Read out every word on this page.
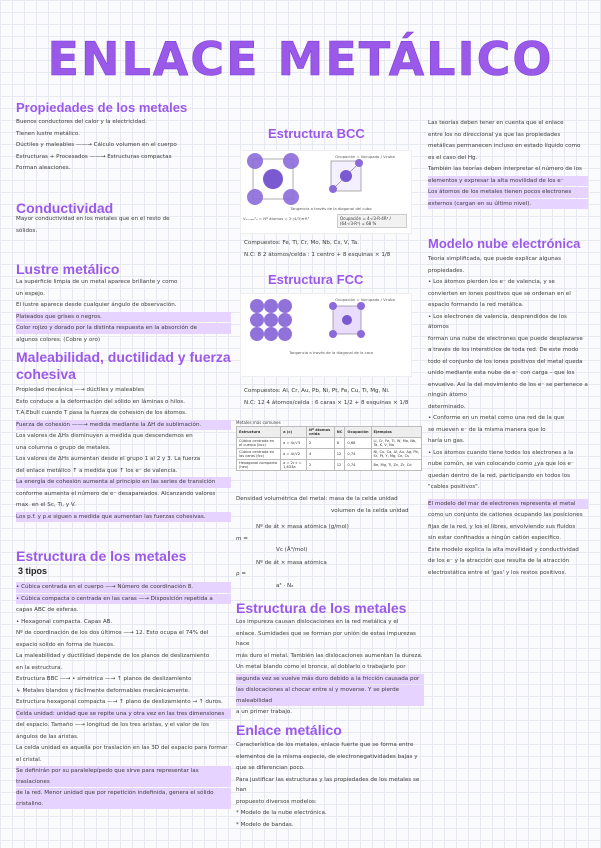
ENLACE METÁLICO
Propiedades de los metales

Buenos conductores del calor y la electricidad.

Tienen lustre metálico.

Dúctiles y maleables ——→ Cálculo volumen en el cuerpo

Estructuras + Procesados ——→ Estructuras compactas

Forman aleaciones.

Conductividad

Mayor conductividad en los metales que en el resto de

sólidos.

Lustre metálico

La superficie limpia de un metal aparece brillante y como

un espejo.

El lustre aparece desde cualquier ángulo de observación.

Plateados que grises o negros.

Color rojizo y dorado por la distinta respuesta en la absorción de

algunos colores. (Cobre y oro)

Maleabilidad, ductilidad y fuerza cohesiva

Propiedad mecánica —→ dúctiles y maleables

Esto conduce a la deformación del sólido en láminas o hilos.

T.A.Ebull cuando T pasa la fuerza de cohesión de los átomos.

Fuerza de cohesión ——→ medida mediante la ΔH de sublimación.

Los valores de ΔHs disminuyen a medida que descendemos en

una columna o grupo de metales.

Los valores de ΔHs aumentan desde el grupo 1 al 2 y 3. La fuerza

del enlace metálico ↑ a medida que ↑ los e⁻ de valencia.

La energía de cohesión aumenta al principio en las series de transición

conforme aumenta el número de e⁻ desapareados. Alcanzando valores

max. en el Sc, Ti, y V.

Los p.f. y p.e siguen a medida que aumentan las fuerzas cohesivas.

Estructura de los metales
3 tipos

• Cúbica centrada en el cuerpo —→ Número de coordinación 8.

• Cúbica compacta o centrada en las caras —→ Disposición repetida a

capas ABC de esferas.

• Hexagonal compacta. Capas AB.

Nº de coordinación de los dos últimos —→ 12. Esto ocupa el 74% del

espacio sólido en forma de huecos.

La maleabilidad y ductilidad depende de los planos de deslizamiento

en la estructura.

Estructura BBC —→ • simétrica —→ ↑ planos de deslizamiento

↳ Metales blandos y fácilmente deformables mecánicamente.

Estructura hexagonal compacta —→ ↑ plano de deslizamiento → ↑ duros.

Celda unidad: unidad que se repite una y otra vez en las tres dimensiones

del espacio. Tamaño —→ longitud de los tres aristas, y el valor de los

ángulos de las aristas.

La celda unidad es aquella por traslación en las 3D del espacio para formar

el cristal.

Se definirán por su paralelepípedo que sirve para representar las traslaciones

de la red. Menor unidad que por repetición indefinida, genera el sólido cristalino.

Estructura BCC
Ocupación = Vocupado / Vcubo
Tangencia a través de la diagonal del cubo
Vₒ.ₒᵤₚₐᵈₒ = Nº átomos = 2·(4/3)π·R³	Ocupación = 4·√3·R·4R³ / (64·√3·R³) = 68 %

Compuestos: Fe, Ti, Cr, Mo, Nb, Cs, V, Ta.

N.C: 8 2 átomos/celda : 1 centro + 8 esquinas × 1/8

Estructura FCC
Ocupación = Vocupado / Vcubo
Tangencia a través de la diagonal de la cara

Compuestos: Al, Cr, Au, Pb, Ni, Pt, Fe, Cu, Ti, Mg, Ni.

N.C: 12 4 átomos/celda : 6 caras × 1/2 + 8 esquinas × 1/8

Metales más comunes
Estructura	a (c)	Nº átomos celda	NC	Ocupación	Ejemplos
Cúbica centrada en el cuerpo (bcc)	a = 4r/√3	2	8	0,68	Li, Cr, Fe, Ti, W, Mo, Nb, Ta, K, V, Na
Cúbica centrada en las caras (fcc)	a = 4r/√2	4	12	0,74	Ni, Cu, Ca, Al, Au, Ag, Pb, Sr, Pt, Y, Mg, Ce, Cs
Hexagonal compacta (hex)	a = 2r c = 1,633a	2	12	0,74	Be, Mg, Ti, Zn, Zr, Cd

Densidad volumétrica del metal: masa de la celda unidad

volumen de la celda unidad

Nº de át × masa atómica (g/mol)

m =

Vc (Å³/mol)

Nº de át × masa atómica

ρ =

a³ · Nₐ

Estructura de los metales

Los impureza causan dislocaciones en la red metálica y el

enlace. Sumidades que se forman por unión de estas impurezas hace

más duro el metal. También las dislocaciones aumentan la dureza.

Un metal blando como el bronce, al doblarlo o trabajarlo por

segunda vez se vuelve más duro debido a la fricción causada por

las dislocaciones al chocar entre sí y moverse. Y se pierde maleabilidad

a un primer trabajo.

Enlace metálico

Característica de los metales, enlace fuerte que se forma entre

elementos de la misma especie, de electronegatividades bajas y

que se diferencian poco.

Para justificar las estructuras y las propiedades de los metales se han

propuesto diversos modelos:

* Modelo de la nube electrónica.

* Modelo de bandas.

Las teorías deben tener en cuenta que el enlace

entre los no direccional ya que las propiedades

metálicas permanecen incluso en estado líquido como

es el caso del Hg.

También las teorías deben interpretar el número de los

elementos y expresar la alta movilidad de los e⁻

Los átomos de los metales tienen pocos electrones

externos (cargan en su último nivel).

Modelo nube electrónica

Teoría simplificada, que puede explicar algunas

propiedades.

• Los átomos pierden los e⁻ de valencia, y se

convierten en iones positivos que se ordenan en el

espacio formando la red metálica.

• Los electrones de valencia, desprendidos de los átomos

forman una nube de electrones que puede desplazarse

a través de los intersticios de toda red. De este modo

todo el conjunto de los iones positivos del metal queda

unido mediante esta nube de e⁻ con carga – que los

envuelve. Así la del movimiento de los e⁻ se pertenece a ningún átomo

determinado.

• Conforme en un metal como una red de la que

se mueven e⁻ de la misma manera que lo

haría un gas.

• Los átomos cuando tiene todos los electrones a la

nube común, se van colocando como ¿ya que los e⁻

quedan dentro de la red, participando en todos los

"cables positivos".

El modelo del mar de electrones representa el metal

como un conjunto de cationes ocupando las posiciones

fijas de la red, y los el libres, envolviendo sus fluidos

sin estar confinados a ningún catión específico.

Este modelo explica la alta movilidad y conductividad

de los e⁻ y la atracción que resulta de la atracción

electrostática entre el 'gas' y los restos positivos.
